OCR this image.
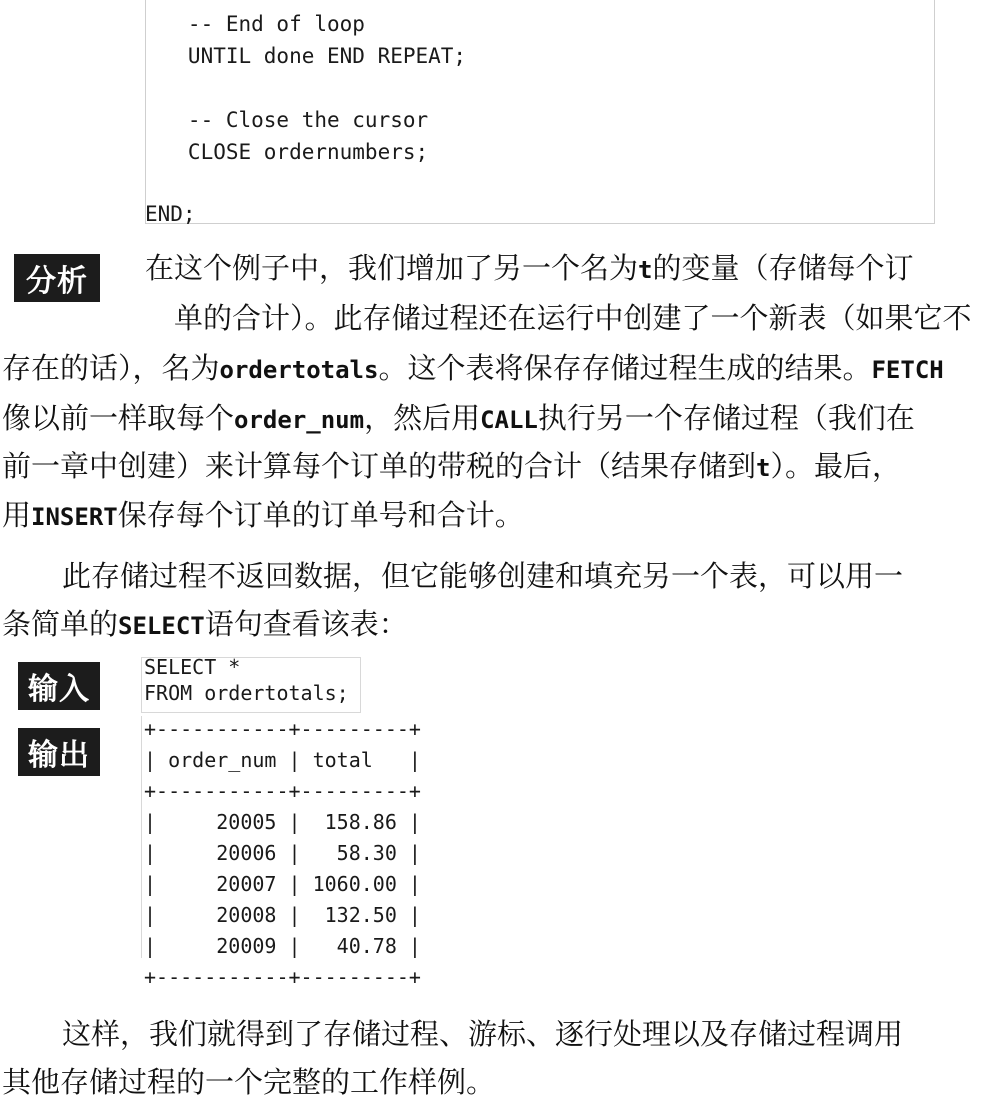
-- End of loop
UNTIL done END REPEAT;
-- Close the cursor
CLOSE ordernumbers;
END;
分析	在这个例子中，我们增加了另一个名为t的变量（存储每个订
单的合计）。此存储过程还在运行中创建了一个新表（如果它不
存在的话），名为ordertotals。这个表将保存存储过程生成的结果。FETCH
像以前一样取每个order_num，然后用CALL执行另一个存储过程（我们在
前一章中创建）来计算每个订单的带税的合计（结果存储到t）。最后，
用INSERT保存每个订单的订单号和合计。
此存储过程不返回数据，但它能够创建和填充另一个表，可以用一
条简单的SELECT语句查看该表：
输入
SELECT *
FROM ordertotals;
输出
+-----------+---------+
| order_num | total   |
+-----------+---------+
|     20005 |  158.86 |
|     20006 |   58.30 |
|     20007 | 1060.00 |
|     20008 |  132.50 |
|     20009 |   40.78 |
+-----------+---------+
这样，我们就得到了存储过程、游标、逐行处理以及存储过程调用
其他存储过程的一个完整的工作样例。
